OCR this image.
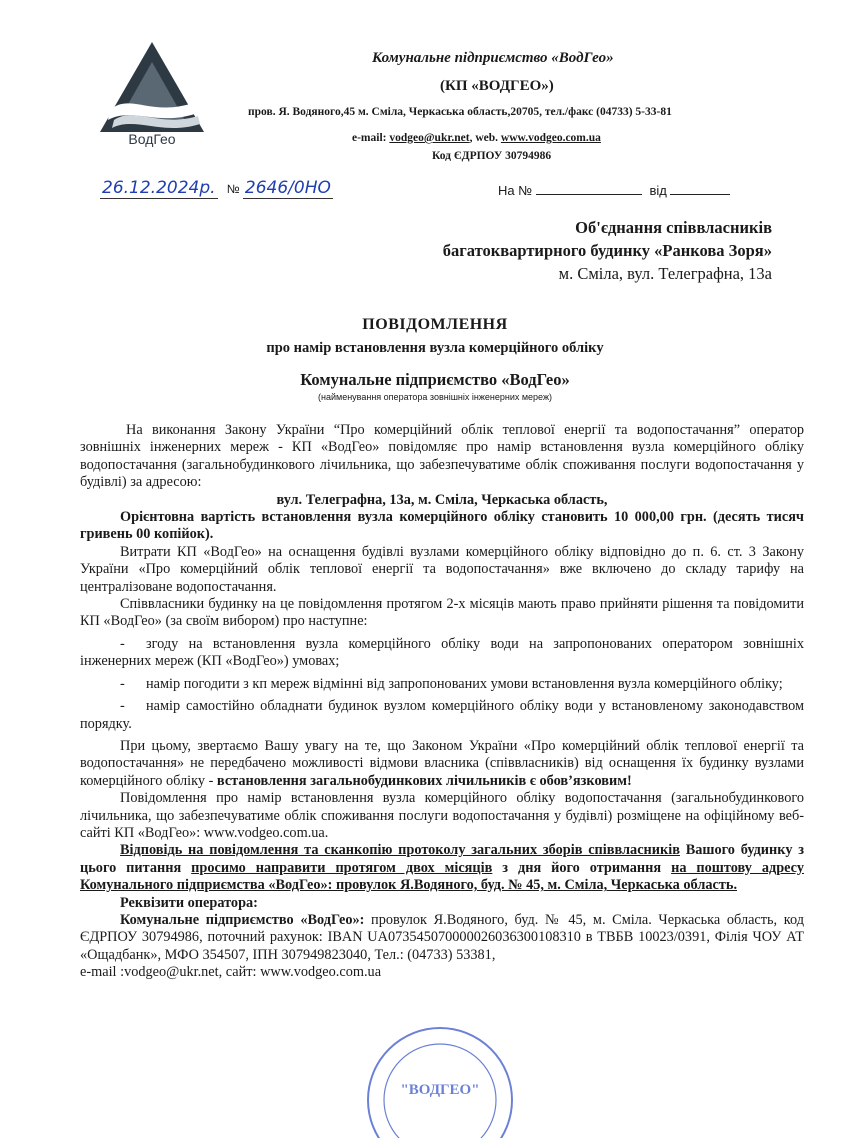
ВодГео
Комунальне підприємство «ВодГео»
(КП «ВОДГЕО»)
пров. Я. Водяного,45 м. Сміла, Черкаська область,20705, тел./факс (04733) 5-33-81
e-mail: vodgeo@ukr.net, web. www.vodgeo.com.ua
Код ЄДРПОУ 30794986
26.12.2024р. № 2646/0НО	На №	від
Об'єднання співвласників
багатоквартирного будинку «Ранкова Зоря»
м. Сміла, вул. Телеграфна, 13а
ПОВІДОМЛЕННЯ
про намір встановлення вузла комерційного обліку
Комунальне підприємство «ВодГео»
(найменування оператора зовнішніх інженерних мереж)

На виконання Закону України “Про комерційний облік теплової енергії та водопостачання” оператор зовнішніх інженерних мереж - КП «ВодГео» повідомляє про намір встановлення вузла комерційного обліку водопостачання (загальнобудинкового лічильника, що забезпечуватиме облік споживання послуги водопостачання у будівлі) за адресою:

вул. Телеграфна, 13а, м. Сміла, Черкаська область,

Орієнтовна вартість встановлення вузла комерційного обліку становить 10 000,00 грн. (десять тисяч гривень 00 копійок).

Витрати КП «ВодГео» на оснащення будівлі вузлами комерційного обліку відповідно до п. 6. ст. 3 Закону України «Про комерційний облік теплової енергії та водопостачання» вже включено до складу тарифу на централізоване водопостачання.

Співвласники будинку на це повідомлення протягом 2-х місяців мають право прийняти рішення та повідомити КП «ВодГео» (за своїм вибором) про наступне:

- згоду на встановлення вузла комерційного обліку води на запропонованих оператором зовнішніх інженерних мереж (КП «ВодГео») умовах;

- намір погодити з кп мереж відмінні від запропонованих умови встановлення вузла комерційного обліку;

- намір самостійно обладнати будинок вузлом комерційного обліку води у встановленому законодавством порядку.

При цьому, звертаємо Вашу увагу на те, що Законом України «Про комерційний облік теплової енергії та водопостачання» не передбачено можливості відмови власника (співвласників) від оснащення їх будинку вузлами комерційного обліку - встановлення загальнобудинкових лічильників є обов’язковим!

Повідомлення про намір встановлення вузла комерційного обліку водопостачання (загальнобудинкового лічильника, що забезпечуватиме облік споживання послуги водопостачання у будівлі) розміщене на офіційному веб-сайті КП «ВодГео»: www.vodgeo.com.ua.

Відповідь на повідомлення та сканкопію протоколу загальних зборів співвласників Вашого будинку з цього питання просимо направити протягом двох місяців з дня його отримання на поштову адресу Комунального підприємства «ВодГео»: провулок Я.Водяного, буд. № 45, м. Сміла, Черкаська область.

Реквізити оператора:

Комунальне підприємство «ВодГео»: провулок Я.Водяного, буд. № 45, м. Сміла. Черкаська область, код ЄДРПОУ 30794986, поточний рахунок: IBAN UA073545070000026036300108310 в ТВБВ 10023/0391, Філія ЧОУ АТ «Ощадбанк», МФО 354507, ІПН 307949823040, Тел.: (04733) 53381,

e-mail :vodgeo@ukr.net, сайт: www.vodgeo.com.ua

"ВОДГЕО"
